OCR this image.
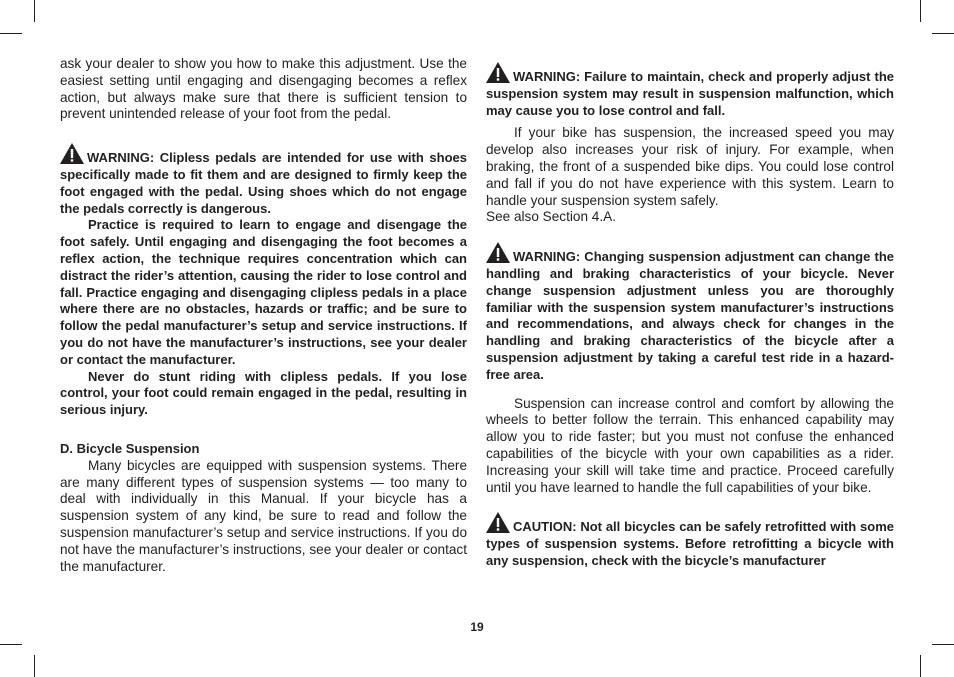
ask your dealer to show you how to make this adjustment. Use the easiest setting until engaging and disengaging becomes a reflex action, but always make sure that there is sufficient tension to prevent unintended release of your foot from the pedal.

WARNING: Clipless pedals are intended for use with shoes specifically made to fit them and are designed to firmly keep the foot engaged with the pedal. Using shoes which do not engage the pedals correctly is dangerous.

Practice is required to learn to engage and disengage the foot safely. Until engaging and disengaging the foot becomes a reflex action, the technique requires concentration which can distract the rider’s attention, causing the rider to lose control and fall. Practice engaging and disengaging clipless pedals in a place where there are no obstacles, hazards or traffic; and be sure to follow the pedal manufacturer’s setup and service instructions. If you do not have the manufacturer’s instructions, see your dealer or contact the manufacturer.

Never do stunt riding with clipless pedals. If you lose control, your foot could remain engaged in the pedal, resulting in serious injury.

D. Bicycle Suspension

Many bicycles are equipped with suspension systems. There are many different types of suspension systems — too many to deal with individually in this Manual. If your bicycle has a suspension system of any kind, be sure to read and follow the suspension manufacturer’s setup and service instructions. If you do not have the manufacturer’s instructions, see your dealer or contact the manufacturer.

WARNING: Failure to maintain, check and properly adjust the suspension system may result in suspension malfunction, which may cause you to lose control and fall.

If your bike has suspension, the increased speed you may develop also increases your risk of injury. For example, when braking, the front of a suspended bike dips. You could lose control and fall if you do not have experience with this system. Learn to handle your suspension system safely.

See also Section 4.A.

WARNING: Changing suspension adjustment can change the handling and braking characteristics of your bicycle. Never change suspension adjustment unless you are thoroughly familiar with the suspension system manufacturer’s instructions and recommendations, and always check for changes in the handling and braking characteristics of the bicycle after a suspension adjustment by taking a careful test ride in a hazard-free area.

Suspension can increase control and comfort by allowing the wheels to better follow the terrain. This enhanced capability may allow you to ride faster; but you must not confuse the enhanced capabilities of the bicycle with your own capabilities as a rider. Increasing your skill will take time and practice. Proceed carefully until you have learned to handle the full capabilities of your bike.

CAUTION: Not all bicycles can be safely retrofitted with some types of suspension systems. Before retrofitting a bicycle with any suspension, check with the bicycle’s manufacturer

19
